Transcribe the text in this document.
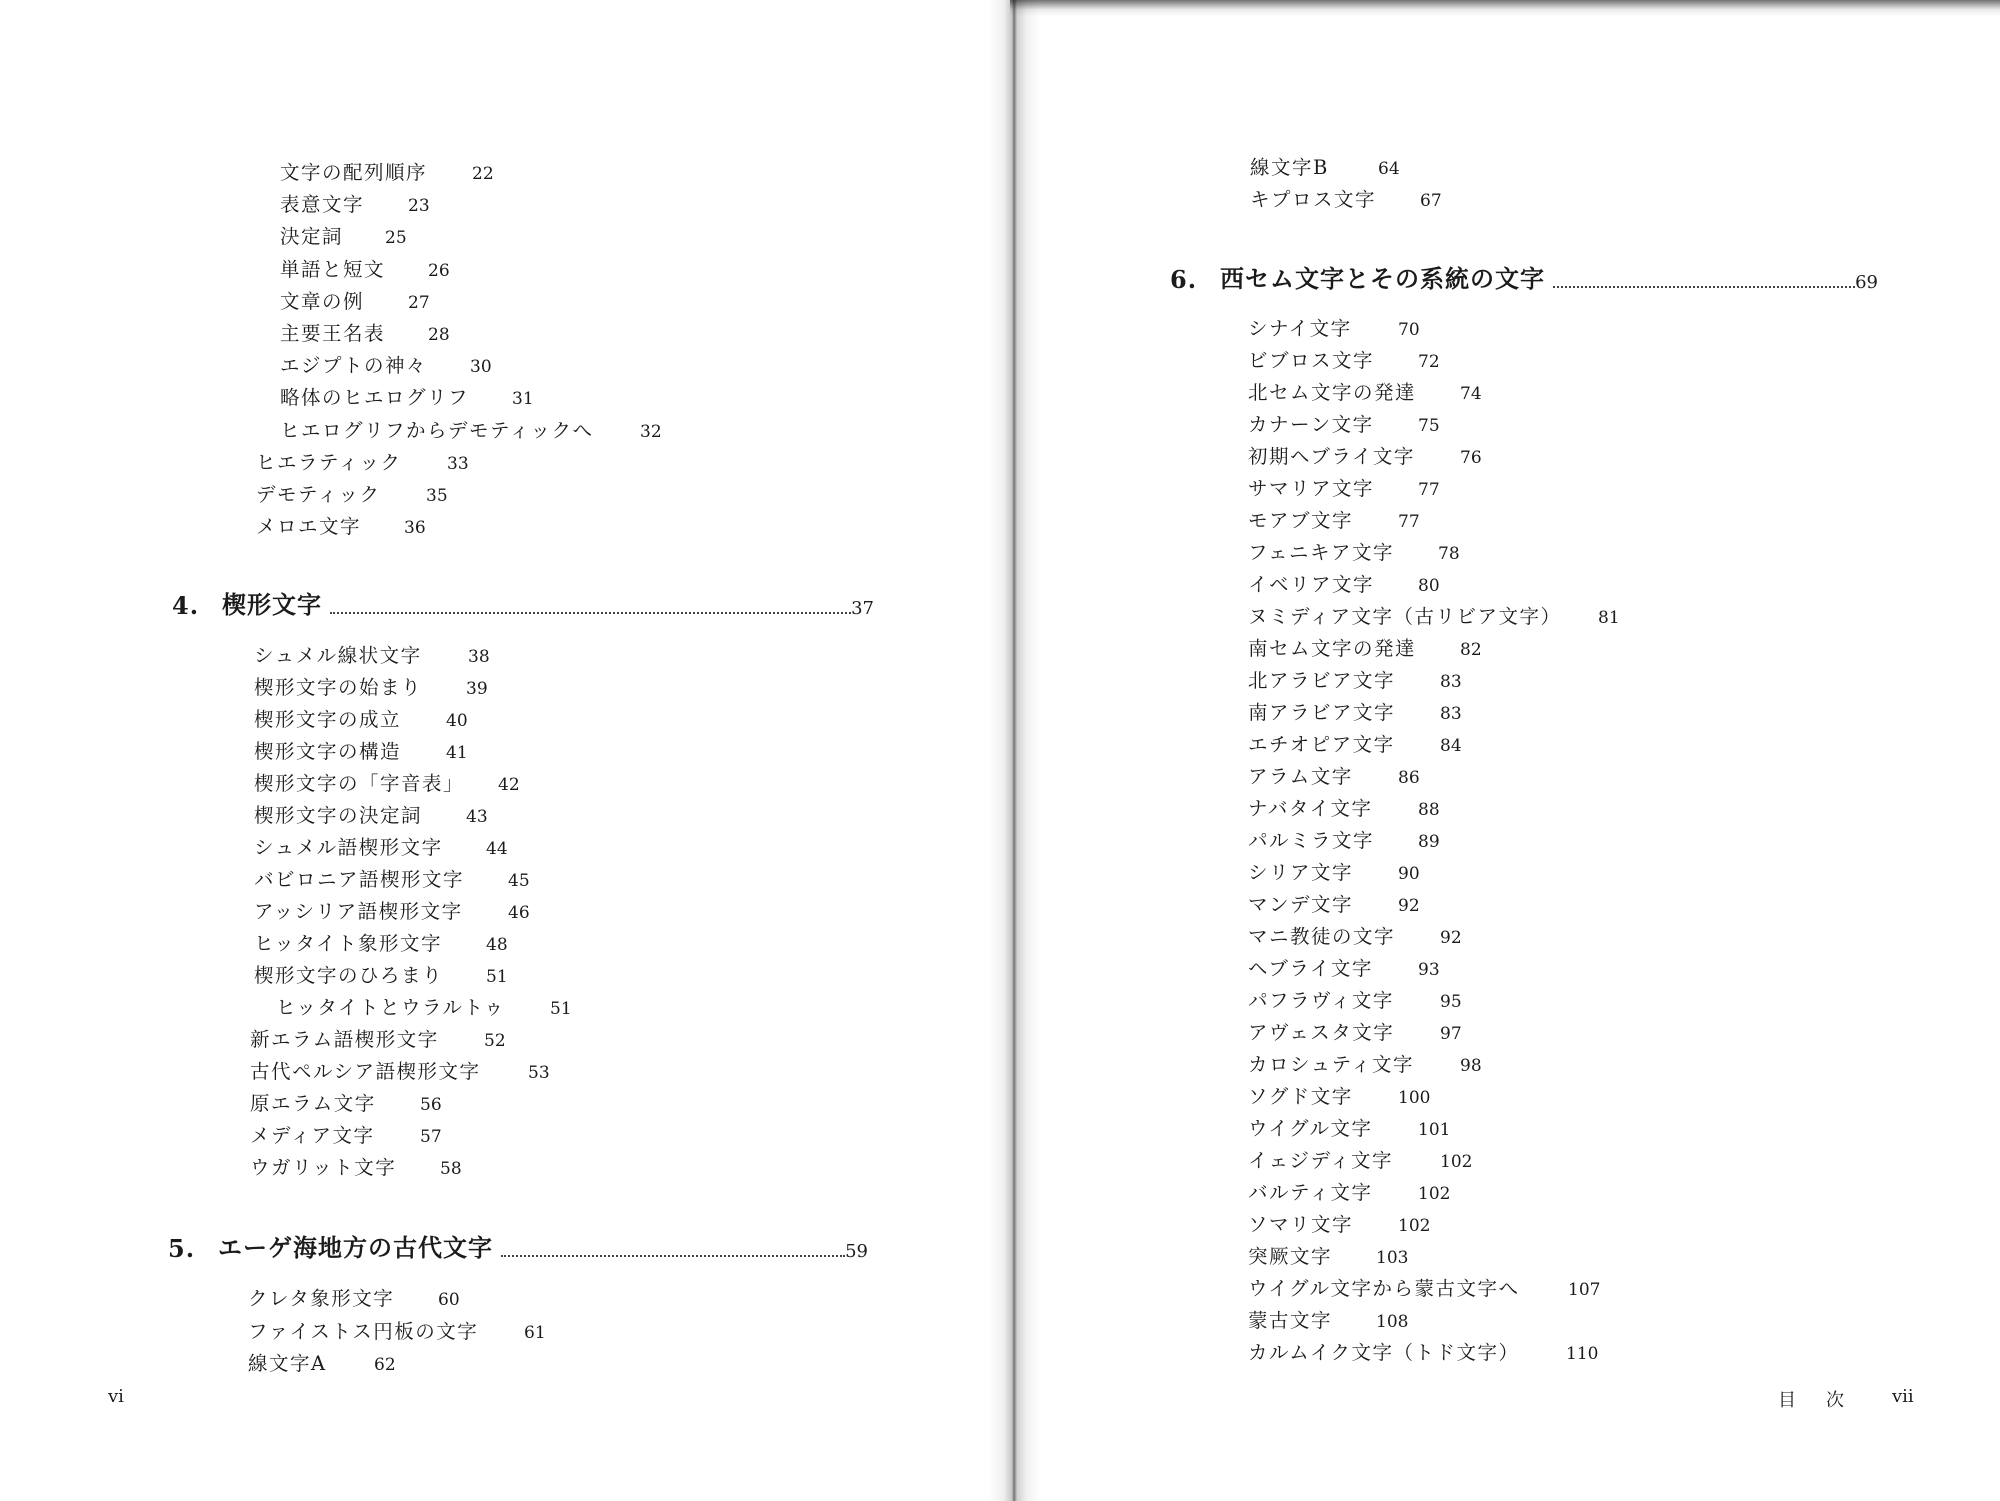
文字の配列順序	22
表意文字	23
決定詞 25
単語と短文	26
文章の例	27
主要王名表	28
エジプトの神々	30
略体のヒエログリフ	31
ヒエログリフからデモティックへ	32
ヒエラティック	33
デモティック	35
メロエ文字	36
4. 楔形文字	37
シュメル線状文字	38
楔形文字の始まり	39
楔形文字の成立	40
楔形文字の構造	41
楔形文字の「字音表」 42
楔形文字の決定詞	43
シュメル語楔形文字	44
バビロニア語楔形文字	45
アッシリア語楔形文字	46
ヒッタイト象形文字	48
楔形文字のひろまり	51
ヒッタイトとウラルトゥ	51
新エラム語楔形文字	52
古代ペルシア語楔形文字	53
原エラム文字	56
メディア文字	57
ウガリット文字	58
5. エーゲ海地方の古代文字	59
クレタ象形文字	60
ファイストス円板の文字	61
線文字A	62
vi
線文字B	64
キプロス文字	67
6. 西セム文字とその系統の文字	69
シナイ文字	70
ビブロス文字	72
北セム文字の発達	74
カナーン文字	75
初期ヘブライ文字	76
サマリア文字	77
モアブ文字	77
フェニキア文字	78
イベリア文字	80
ヌミディア文字（古リビア文字） 81
南セム文字の発達	82
北アラビア文字	83
南アラビア文字	83
エチオピア文字	84
アラム文字	86
ナバタイ文字	88
パルミラ文字	89
シリア文字	90
マンデ文字	92
マニ教徒の文字	92
ヘブライ文字	93
パフラヴィ文字	95
アヴェスタ文字	97
カロシュティ文字	98
ソグド文字	100
ウイグル文字	101
イェジディ文字	102
バルティ文字	102
ソマリ文字	102
突厥文字	103
ウイグル文字から蒙古文字へ	107
蒙古文字	108
カルムイク文字（トド文字）	110
目　次 vii
